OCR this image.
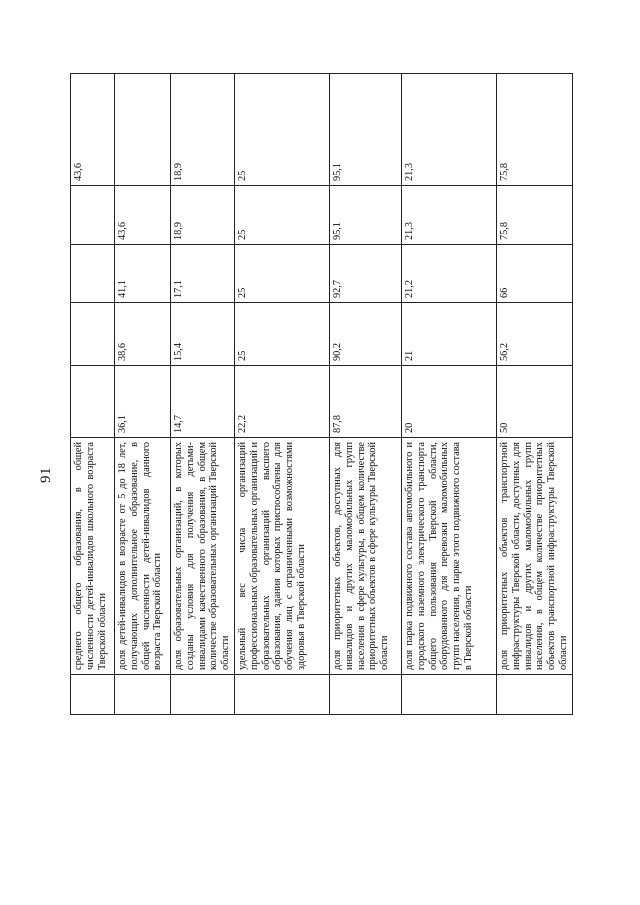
91
	среднего общего образования, в общей численности детей-инвалидов школьного возраста Тверской области					43,6
	доля детей-инвалидов в возрасте от 5 до 18 лет, получающих дополнительное образование, в общей численности детей-инвалидов данного возраста Тверской области	36,1	38,6	41,1	43,6	
	доля образовательных организаций, в которых созданы условия для получения детьми-инвалидами качественного образования, в общем количестве образовательных организаций Тверской области	14,7	15,4	17,1	18,9	18,9
	удельный вес числа организаций профессиональных образовательных организаций и образовательных организаций высшего образования, здания которых приспособлены для обучения лиц с ограниченными возможностями здоровья в Тверской области	22,2	25	25	25	25
	доля приоритетных объектов, доступных для инвалидов и других маломобильных групп населения в сфере культуры, в общем количестве приоритетных объектов в сфере культуры Тверской области	87,8	90,2	92,7	95,1	95,1
	доля парка подвижного состава автомобильного и городского наземного электрического транспорта общего пользования Тверской области, оборудованного для перевозки маломобильных групп населения, в парке этого подвижного состава в Тверской области	20	21	21,2	21,3	21,3
	доля приоритетных объектов транспортной инфраструктуры Тверской области, доступных для инвалидов и других маломобильных групп населения, в общем количестве приоритетных объектов транспортной инфраструктуры Тверской области	50	56,2	66	75,8	75,8
